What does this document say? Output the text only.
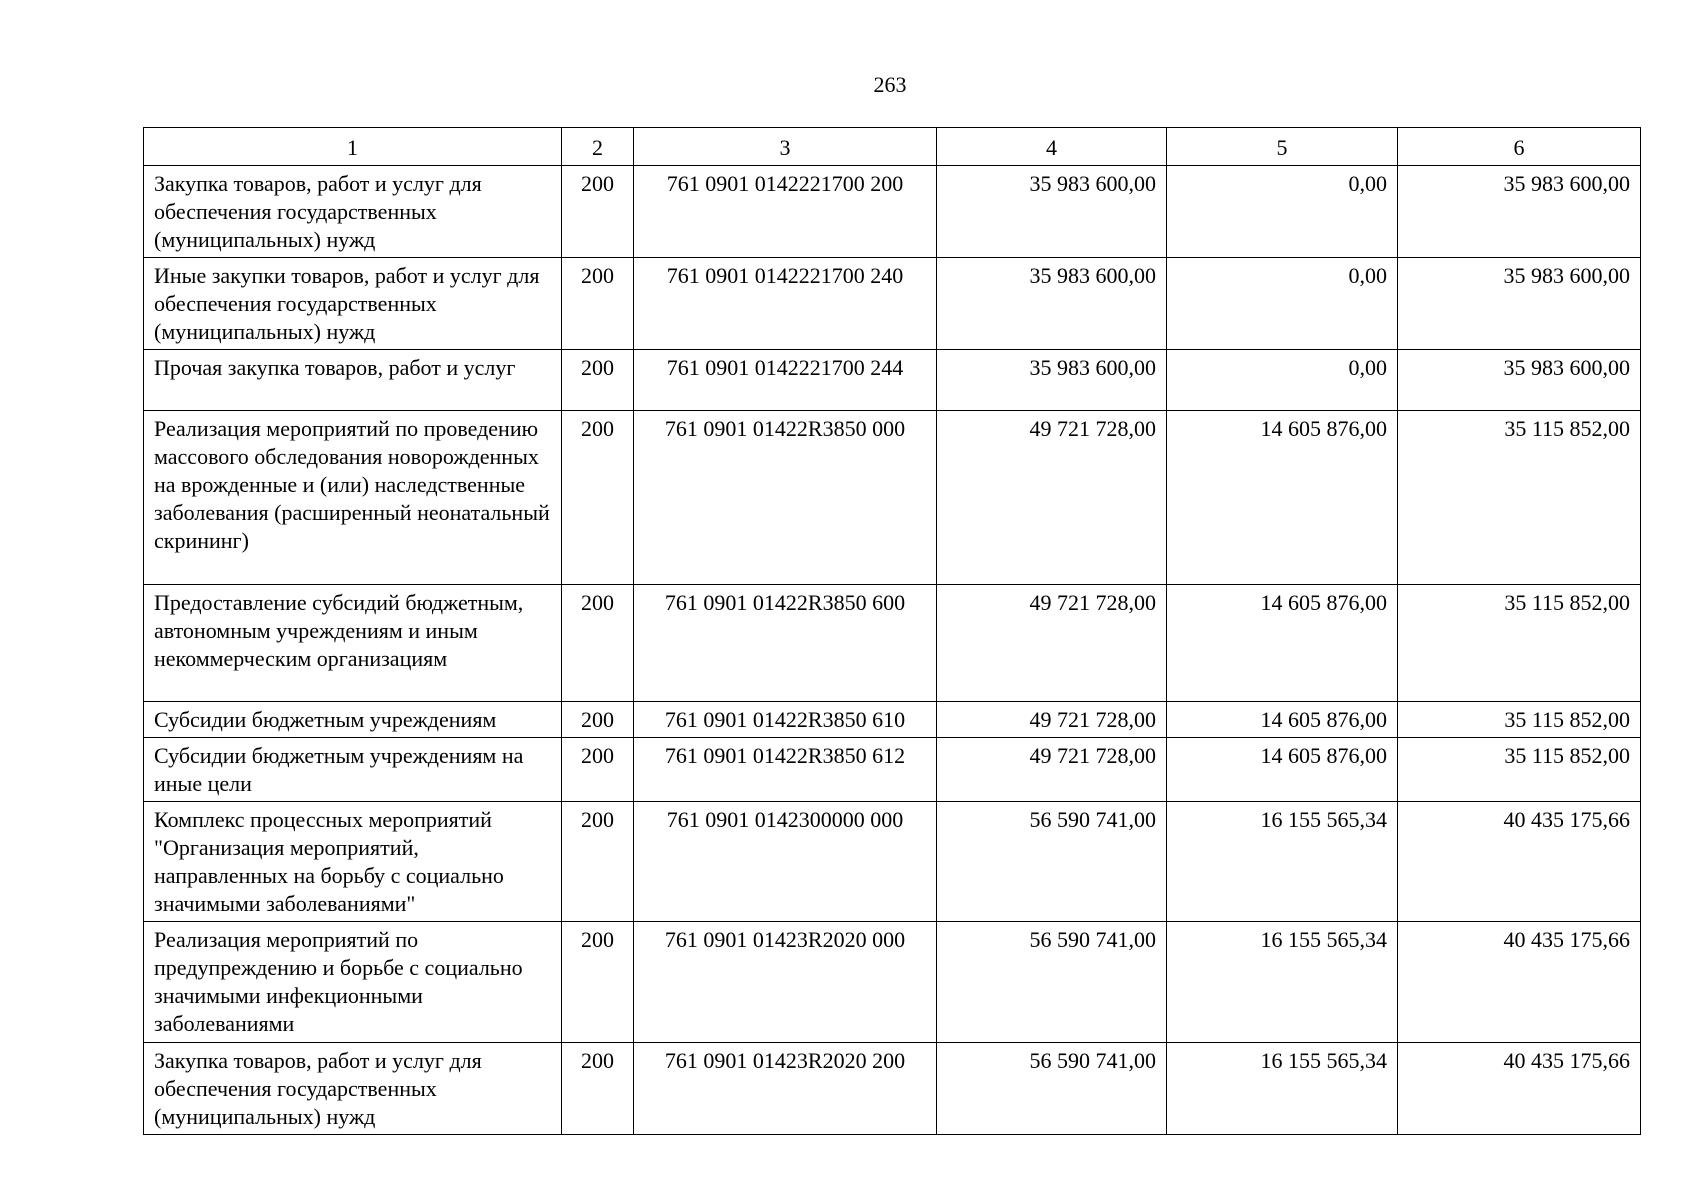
263
1	2	3	4	5	6
Закупка товаров, работ и услуг для обеспечения государственных (муниципальных) нужд	200	761 0901 0142221700 200	35 983 600,00	0,00	35 983 600,00
Иные закупки товаров, работ и услуг для обеспечения государственных (муниципальных) нужд	200	761 0901 0142221700 240	35 983 600,00	0,00	35 983 600,00
Прочая закупка товаров, работ и услуг	200	761 0901 0142221700 244	35 983 600,00	0,00	35 983 600,00
Реализация мероприятий по проведению массового обследования новорожденных на врожденные и (или) наследственные заболевания (расширенный неонатальный скрининг)	200	761 0901 01422R3850 000	49 721 728,00	14 605 876,00	35 115 852,00
Предоставление субсидий бюджетным, автономным учреждениям и иным некоммерческим организациям	200	761 0901 01422R3850 600	49 721 728,00	14 605 876,00	35 115 852,00
Субсидии бюджетным учреждениям	200	761 0901 01422R3850 610	49 721 728,00	14 605 876,00	35 115 852,00
Субсидии бюджетным учреждениям на иные цели	200	761 0901 01422R3850 612	49 721 728,00	14 605 876,00	35 115 852,00
Комплекс процессных мероприятий "Организация мероприятий, направленных на борьбу с социально значимыми заболеваниями"	200	761 0901 0142300000 000	56 590 741,00	16 155 565,34	40 435 175,66
Реализация мероприятий по предупреждению и борьбе с социально значимыми инфекционными заболеваниями	200	761 0901 01423R2020 000	56 590 741,00	16 155 565,34	40 435 175,66
Закупка товаров, работ и услуг для обеспечения государственных (муниципальных) нужд	200	761 0901 01423R2020 200	56 590 741,00	16 155 565,34	40 435 175,66
